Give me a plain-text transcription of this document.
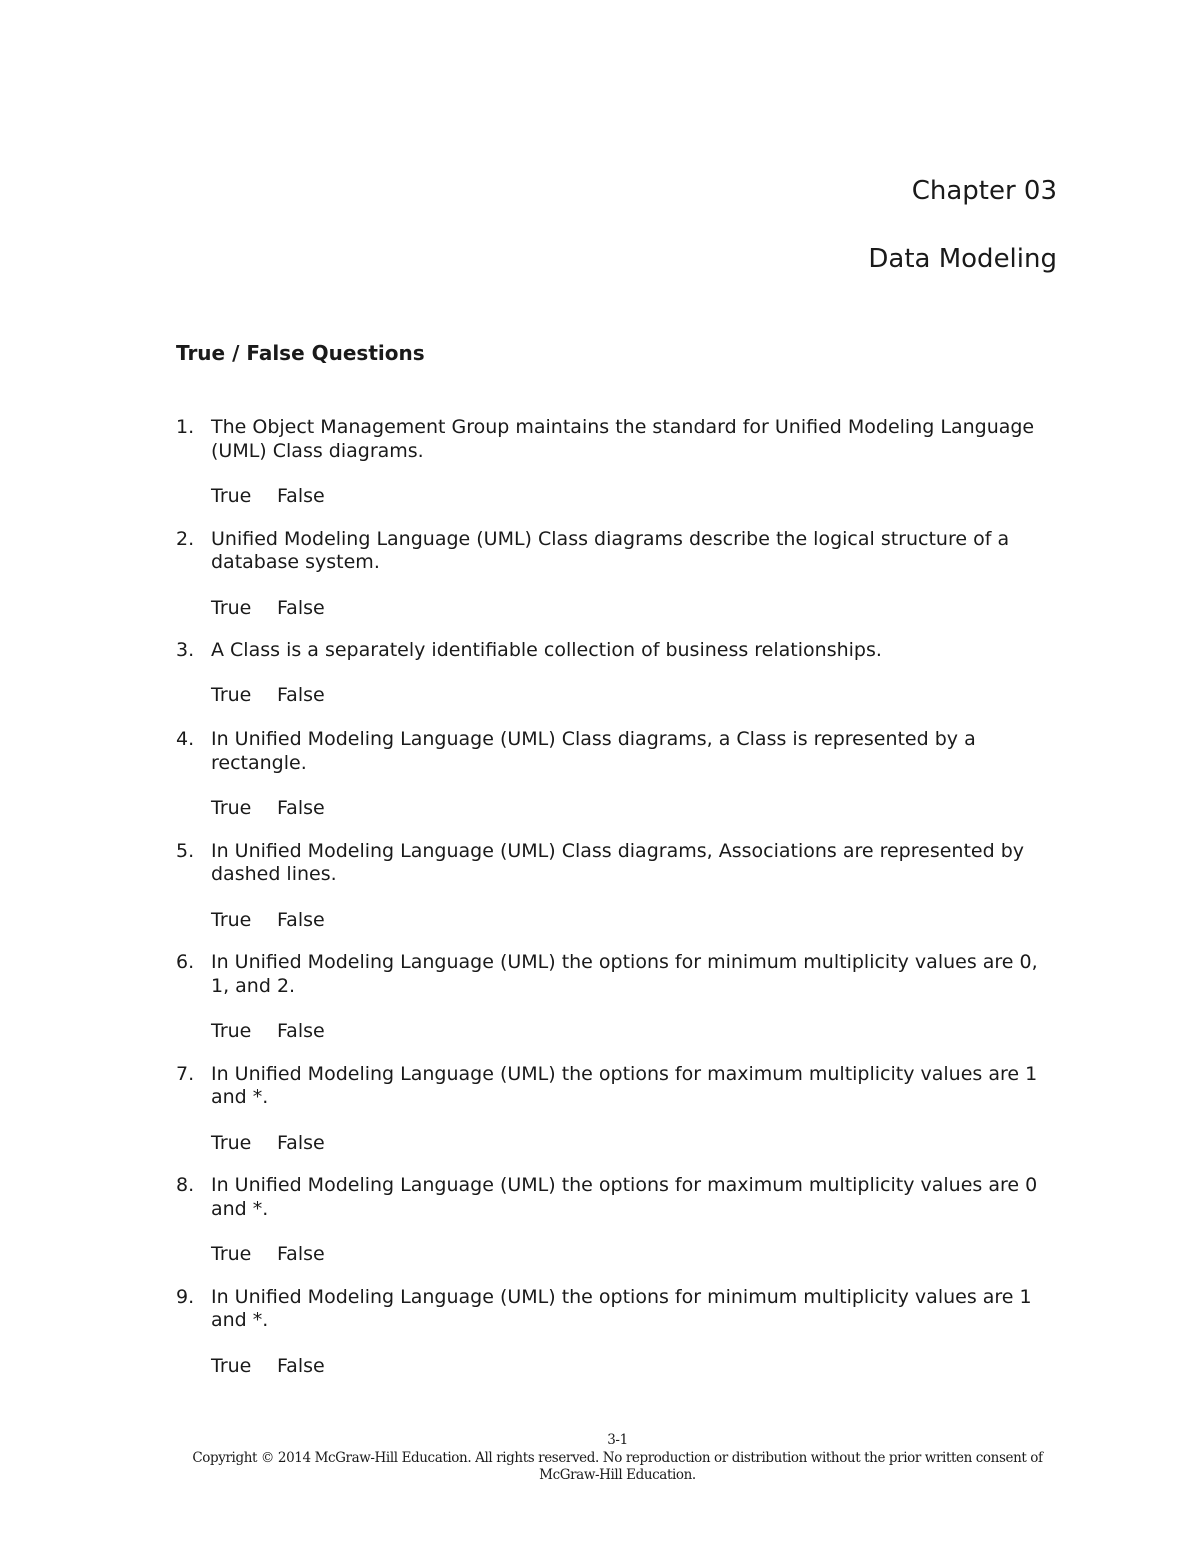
Chapter 03
Data Modeling
True / False Questions
1. The Object Management Group maintains the standard for Unified Modeling Language (UML) Class diagrams.
True False
2. Unified Modeling Language (UML) Class diagrams describe the logical structure of a database system.
True False
3. A Class is a separately identifiable collection of business relationships.
True False
4. In Unified Modeling Language (UML) Class diagrams, a Class is represented by a rectangle.
True False
5. In Unified Modeling Language (UML) Class diagrams, Associations are represented by dashed lines.
True False
6. In Unified Modeling Language (UML) the options for minimum multiplicity values are 0, 1, and 2.
True False
7. In Unified Modeling Language (UML) the options for maximum multiplicity values are 1 and *.
True False
8. In Unified Modeling Language (UML) the options for maximum multiplicity values are 0 and *.
True False
9. In Unified Modeling Language (UML) the options for minimum multiplicity values are 1 and *.
True False
3-1
Copyright © 2014 McGraw-Hill Education. All rights reserved. No reproduction or distribution without the prior written consent of
McGraw-Hill Education.
